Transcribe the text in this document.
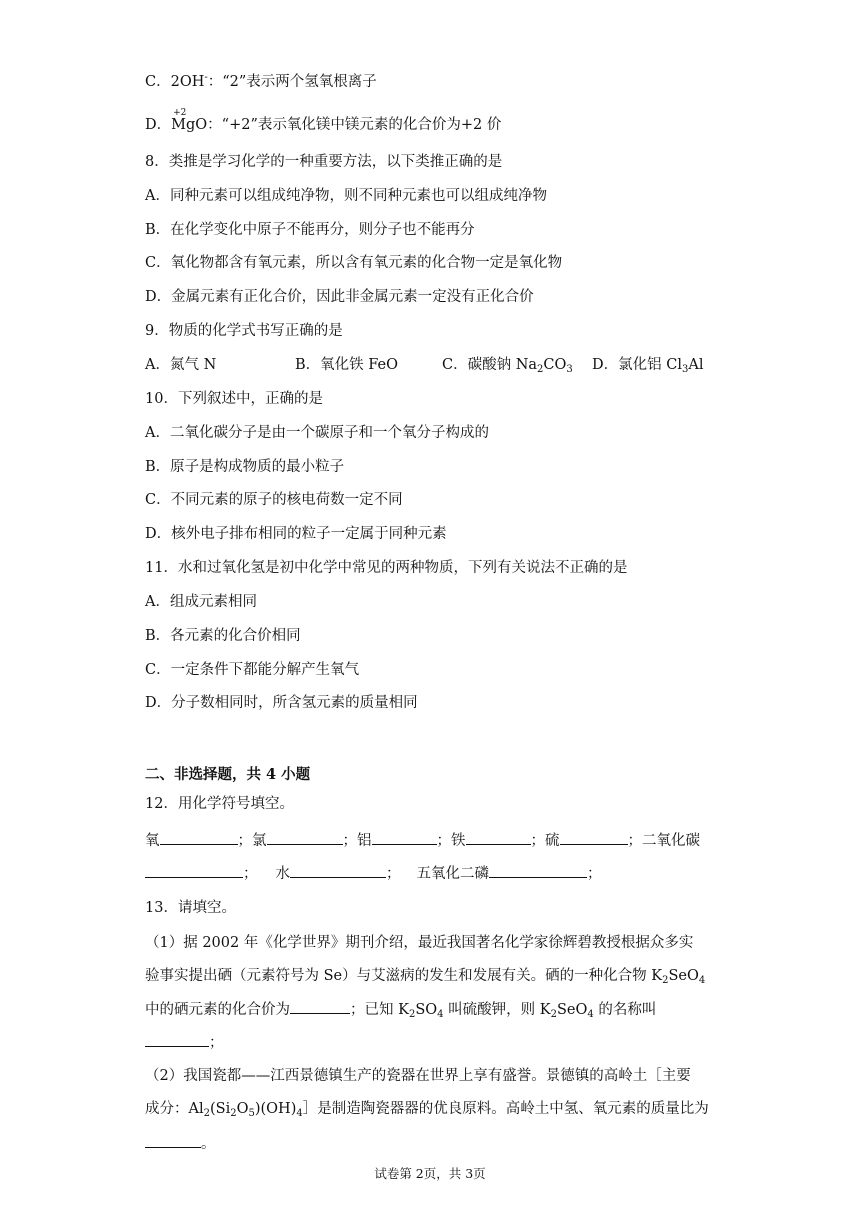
C．2OH-：“2”表示两个氢氧根离子
D．
+2
MgO：“+2”表示氧化镁中镁元素的化合价为+2 价
8．类推是学习化学的一种重要方法，以下类推正确的是
A．同种元素可以组成纯净物，则不同种元素也可以组成纯净物
B．在化学变化中原子不能再分，则分子也不能再分
C．氧化物都含有氧元素，所以含有氧元素的化合物一定是氧化物
D．金属元素有正化合价，因此非金属元素一定没有正化合价
9．物质的化学式书写正确的是
A．氮气 N	B．氧化铁 FeO	C．碳酸钠 $Na_2CO_3$ D．氯化铝 $Cl_3Al$
10．下列叙述中，正确的是
A．二氧化碳分子是由一个碳原子和一个氧分子构成的
B．原子是构成物质的最小粒子
C．不同元素的原子的核电荷数一定不同
D．核外电子排布相同的粒子一定属于同种元素
11．水和过氧化氢是初中化学中常见的两种物质，下列有关说法不正确的是
A．组成元素相同
B．各元素的化合价相同
C．一定条件下都能分解产生氧气
D．分子数相同时，所含氢元素的质量相同
二、非选择题，共 4 小题
12．用化学符号填空。
氧	；氯	；铝	；铁	；硫	；二氧化碳
； 水	； 五氧化二磷	；
13．请填空。
（1）据 2002 年《化学世界》期刊介绍，最近我国著名化学家徐辉碧教授根据众多实
验事实提出硒（元素符号为 Se）与艾滋病的发生和发展有关。硒的一种化合物 $K_2SeO_4$
中的硒元素的化合价为	；已知 $K_2SO_4$ 叫硫酸钾，则 $K_2SeO_4$ 的名称叫
；
（2）我国瓷都——江西景德镇生产的瓷器在世界上享有盛誉。景德镇的高岭土［主要
成分：$Al_2(Si_2O_5)(OH)_4]$是制造陶瓷器器的优良原料。高岭土中氢、氧元素的质量比为
。
试卷第 2页，共 3页
